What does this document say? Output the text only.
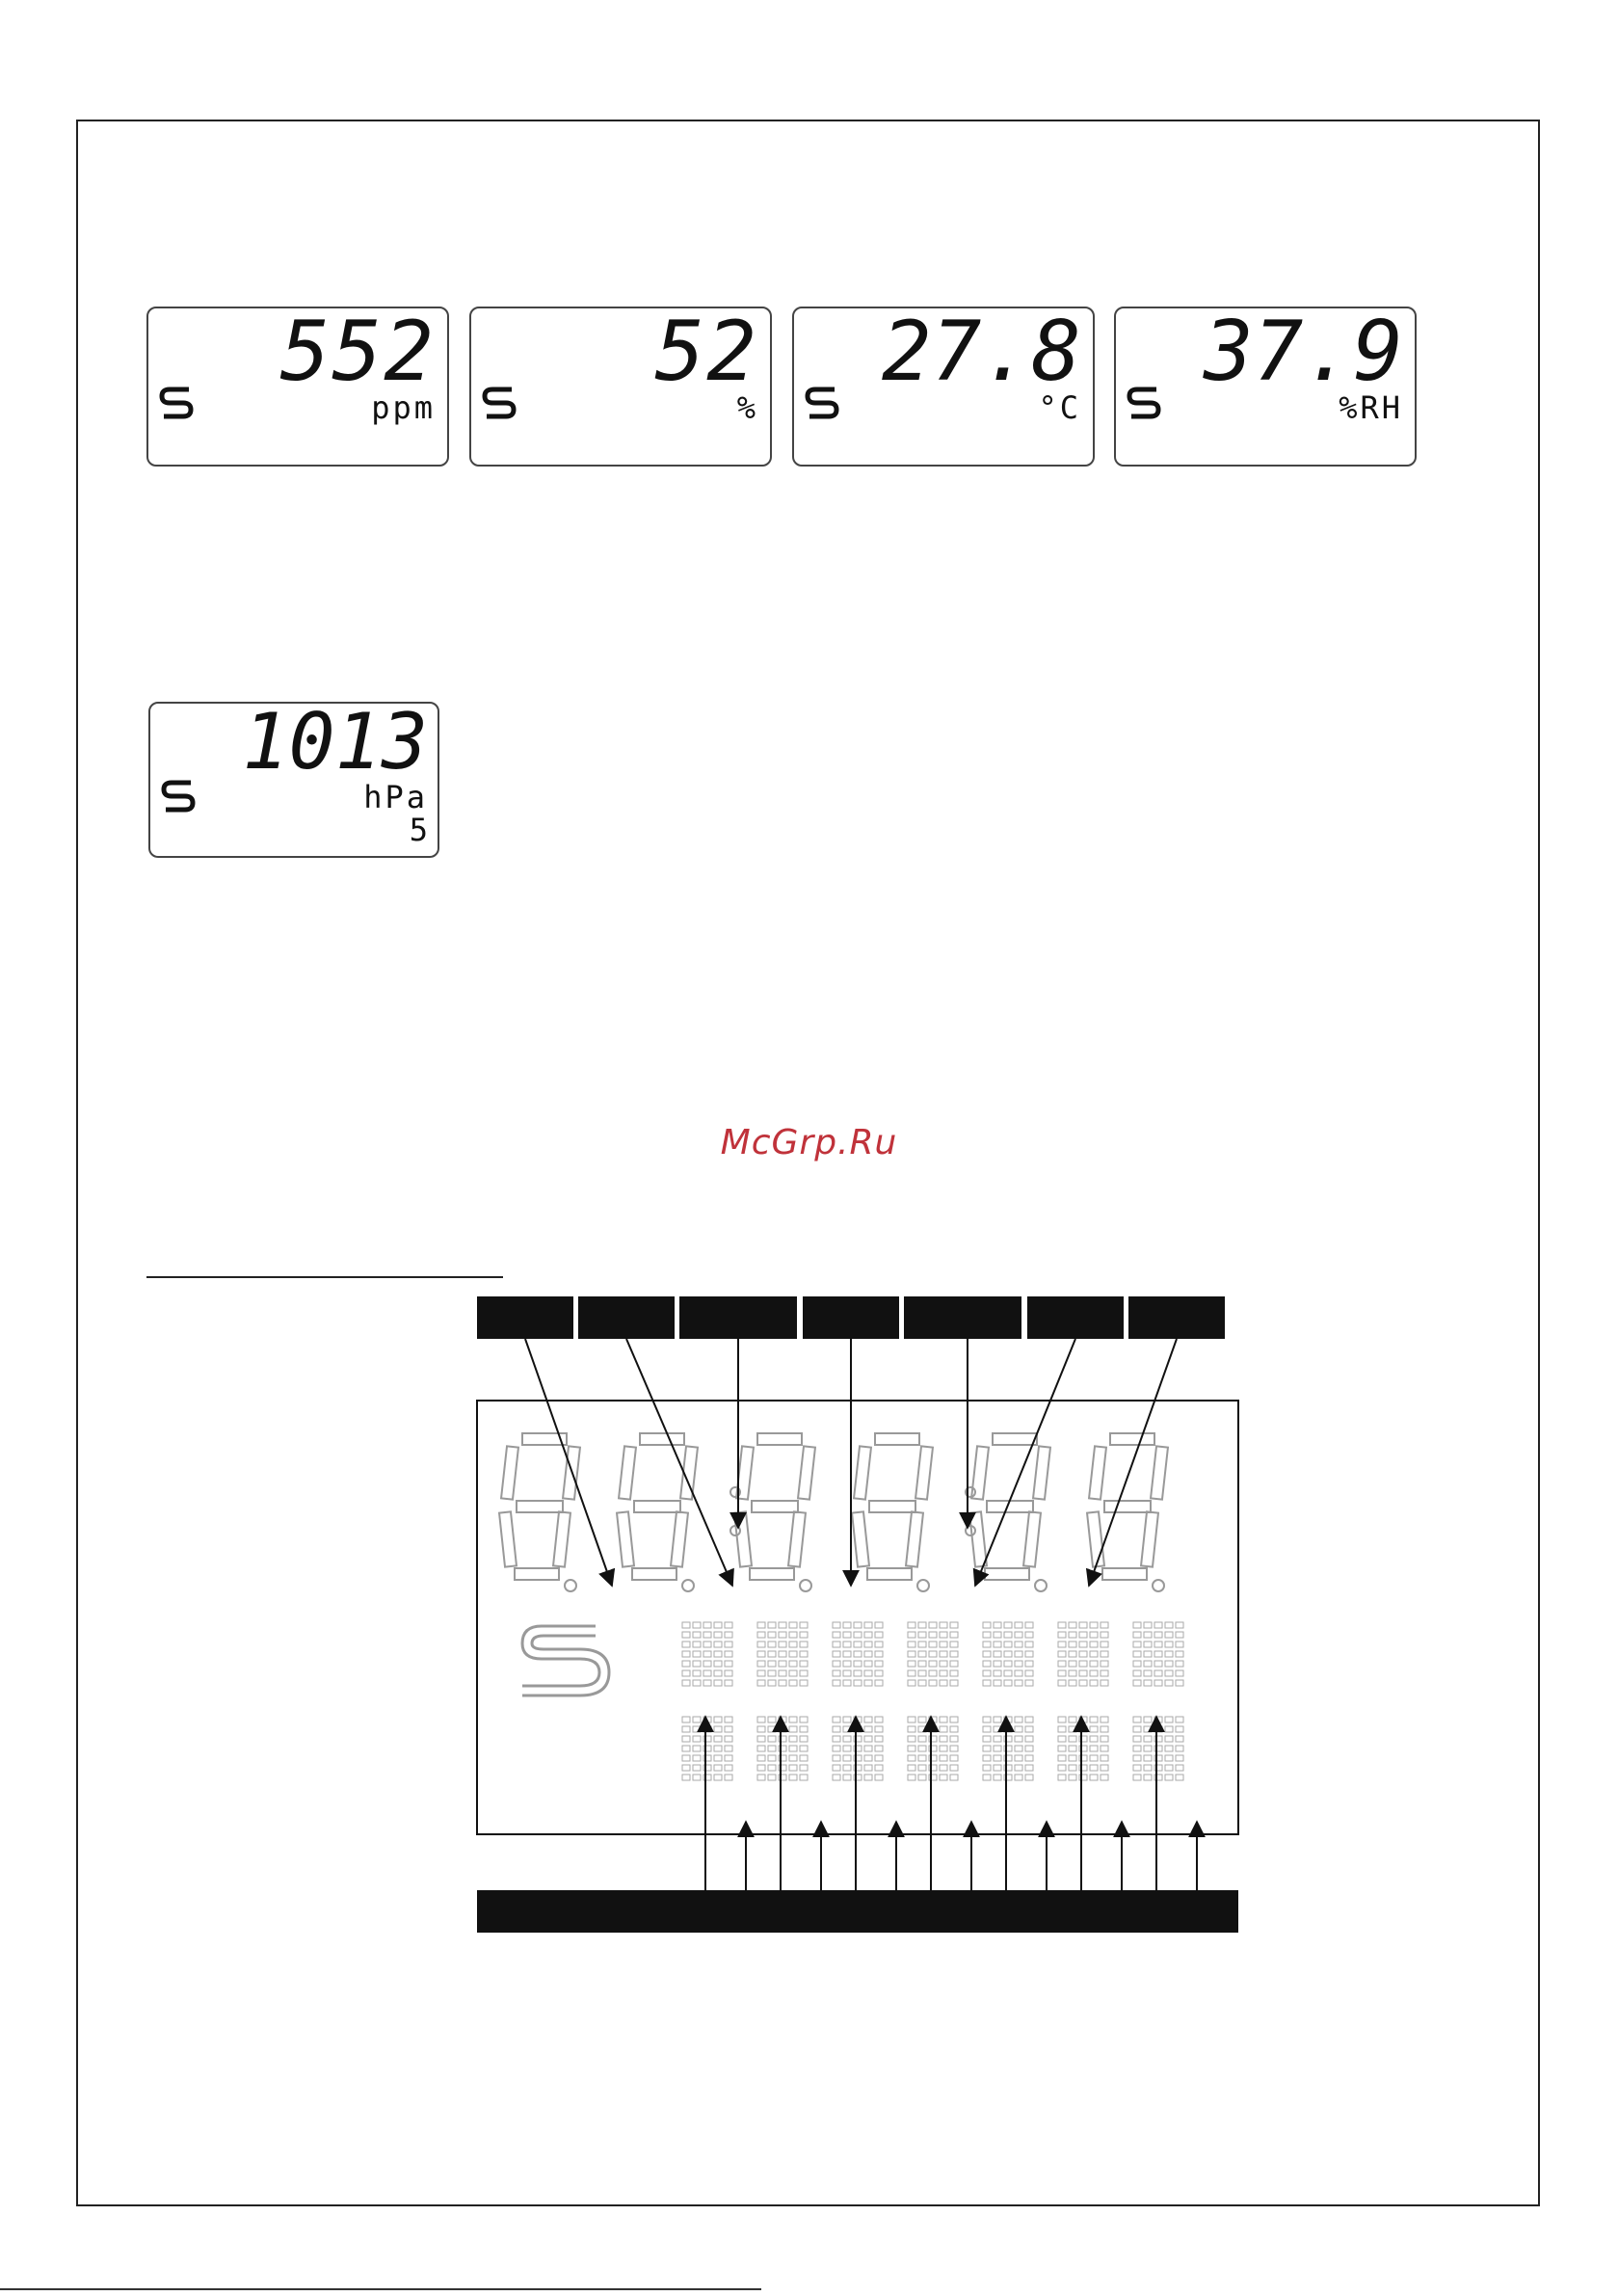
552
ppm
52
%
27.8
°C
37.9
%RH
1013
hPa
5
McGrp.Ru
